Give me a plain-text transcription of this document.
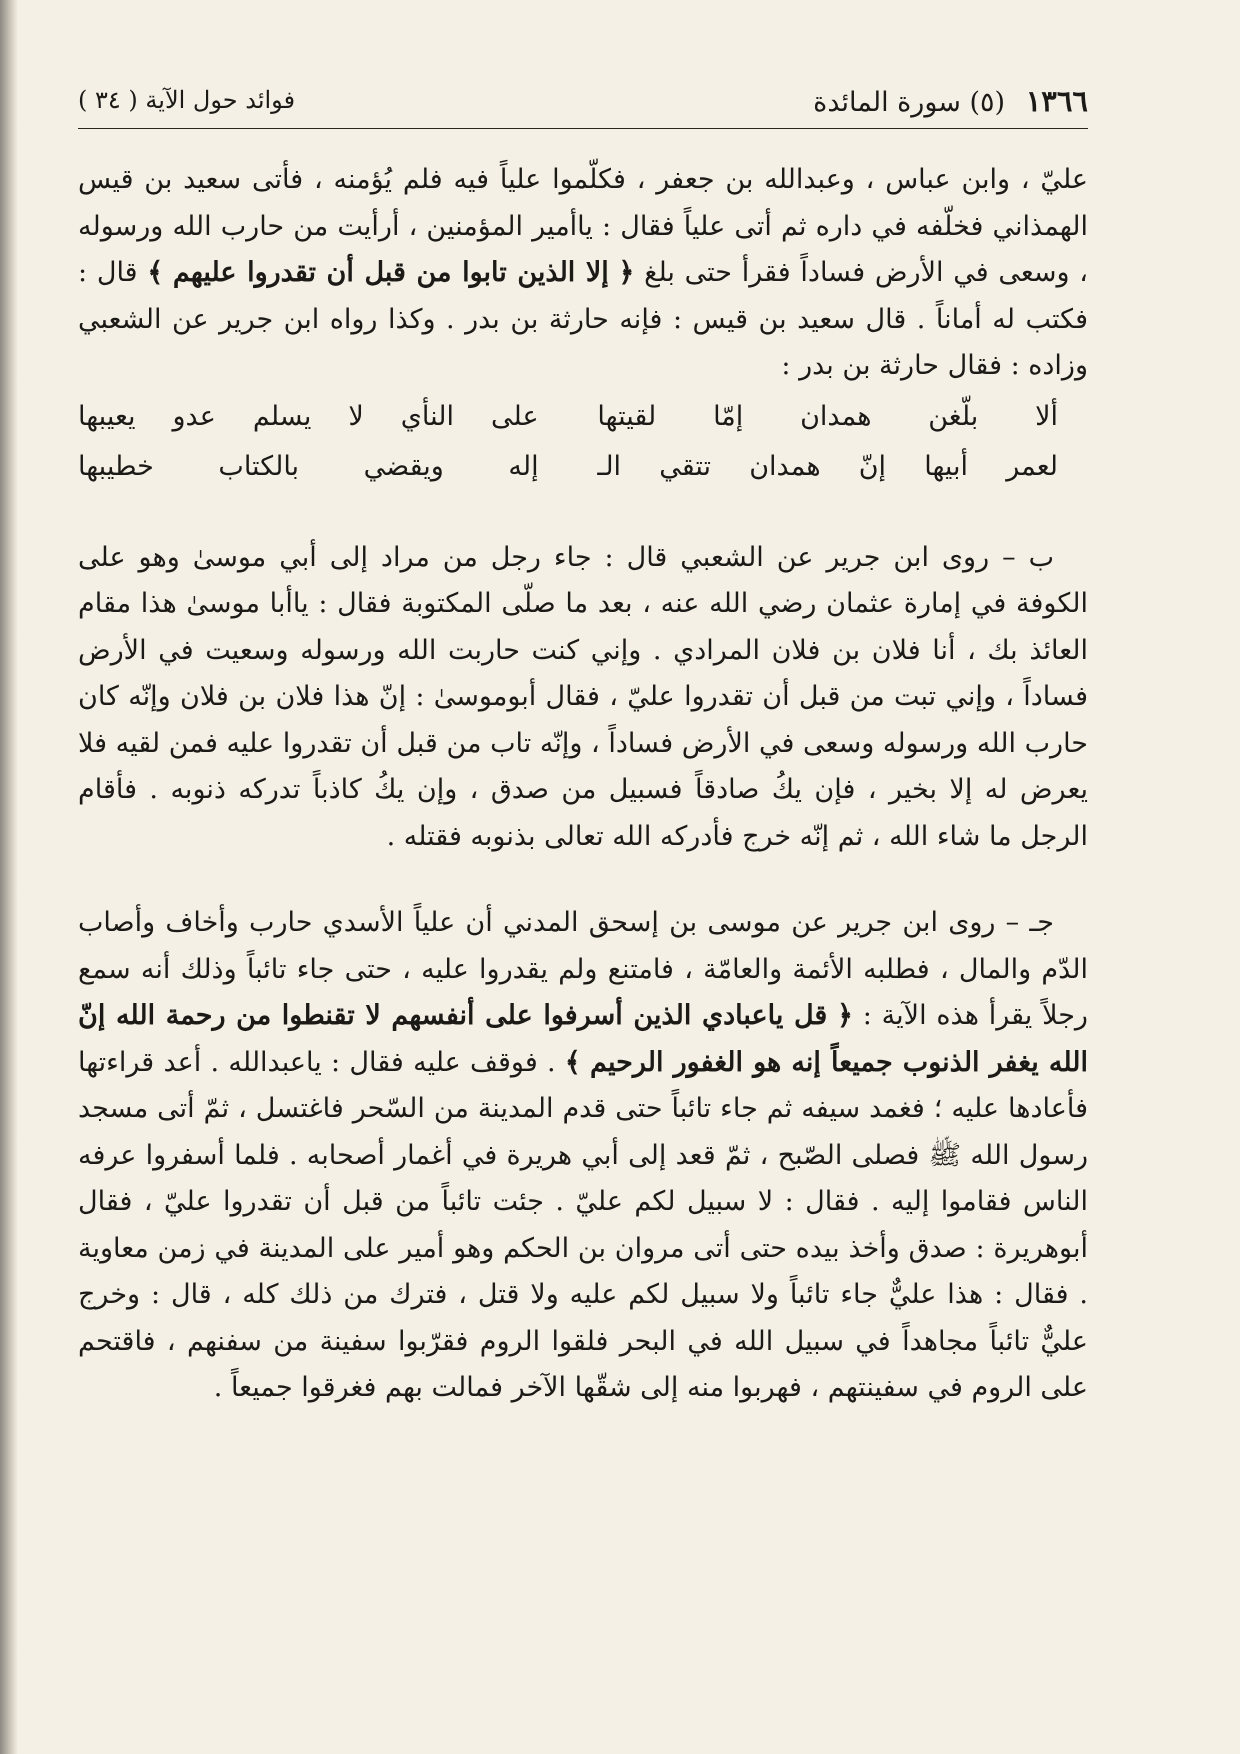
١٣٦٦ (٥) سورة المائدة
فوائد حول الآية ( ٣٤ )

عليّ ، وابن عباس ، وعبدالله بن جعفر ، فكلّموا علياً فيه فلم يُؤمنه ، فأتى سعيد بن قيس الهمذاني فخلّفه في داره ثم أتى علياً فقال : ياأمير المؤمنين ، أرأيت من حارب الله ورسوله ، وسعى في الأرض فساداً فقرأ حتى بلغ ﴿ إلا الذين تابوا من قبل أن تقدروا عليهم ﴾ قال : فكتب له أماناً . قال سعيد بن قيس : فإنه حارثة بن بدر . وكذا رواه ابن جرير عن الشعبي وزاده : فقال حارثة بن بدر :

ألا بلّغن همدان إمّا لقيتها
على النأي لا يسلم عدو يعيبها
لعمر أبيها إنّ همدان تتقي الـ
إله ويقضي بالكتاب خطيبها

ب – روى ابن جرير عن الشعبي قال : جاء رجل من مراد إلى أبي موسىٰ وهو على الكوفة في إمارة عثمان رضي الله عنه ، بعد ما صلّى المكتوبة فقال : ياأبا موسىٰ هذا مقام العائذ بك ، أنا فلان بن فلان المرادي . وإني كنت حاربت الله ورسوله وسعيت في الأرض فساداً ، وإني تبت من قبل أن تقدروا عليّ ، فقال أبوموسىٰ : إنّ هذا فلان بن فلان وإنّه كان حارب الله ورسوله وسعى في الأرض فساداً ، وإنّه تاب من قبل أن تقدروا عليه فمن لقيه فلا يعرض له إلا بخير ، فإن يكُ صادقاً فسبيل من صدق ، وإن يكُ كاذباً تدركه ذنوبه . فأقام الرجل ما شاء الله ، ثم إنّه خرج فأدركه الله تعالى بذنوبه فقتله .

جـ – روى ابن جرير عن موسى بن إسحق المدني أن علياً الأسدي حارب وأخاف وأصاب الدّم والمال ، فطلبه الأئمة والعامّة ، فامتنع ولم يقدروا عليه ، حتى جاء تائباً وذلك أنه سمع رجلاً يقرأ هذه الآية : ﴿ قل ياعبادي الذين أسرفوا على أنفسهم لا تقنطوا من رحمة الله إنّ الله يغفر الذنوب جميعاً إنه هو الغفور الرحيم ﴾ . فوقف عليه فقال : ياعبدالله . أعد قراءتها فأعادها عليه ؛ فغمد سيفه ثم جاء تائباً حتى قدم المدينة من السّحر فاغتسل ، ثمّ أتى مسجد رسول الله ﷺ فصلى الصّبح ، ثمّ قعد إلى أبي هريرة في أغمار أصحابه . فلما أسفروا عرفه الناس فقاموا إليه . فقال : لا سبيل لكم عليّ . جئت تائباً من قبل أن تقدروا عليّ ، فقال أبوهريرة : صدق وأخذ بيده حتى أتى مروان بن الحكم وهو أمير على المدينة في زمن معاوية . فقال : هذا عليٌّ جاء تائباً ولا سبيل لكم عليه ولا قتل ، فترك من ذلك كله ، قال : وخرج عليٌّ تائباً مجاهداً في سبيل الله في البحر فلقوا الروم فقرّبوا سفينة من سفنهم ، فاقتحم على الروم في سفينتهم ، فهربوا منه إلى شقّها الآخر فمالت بهم فغرقوا جميعاً .
